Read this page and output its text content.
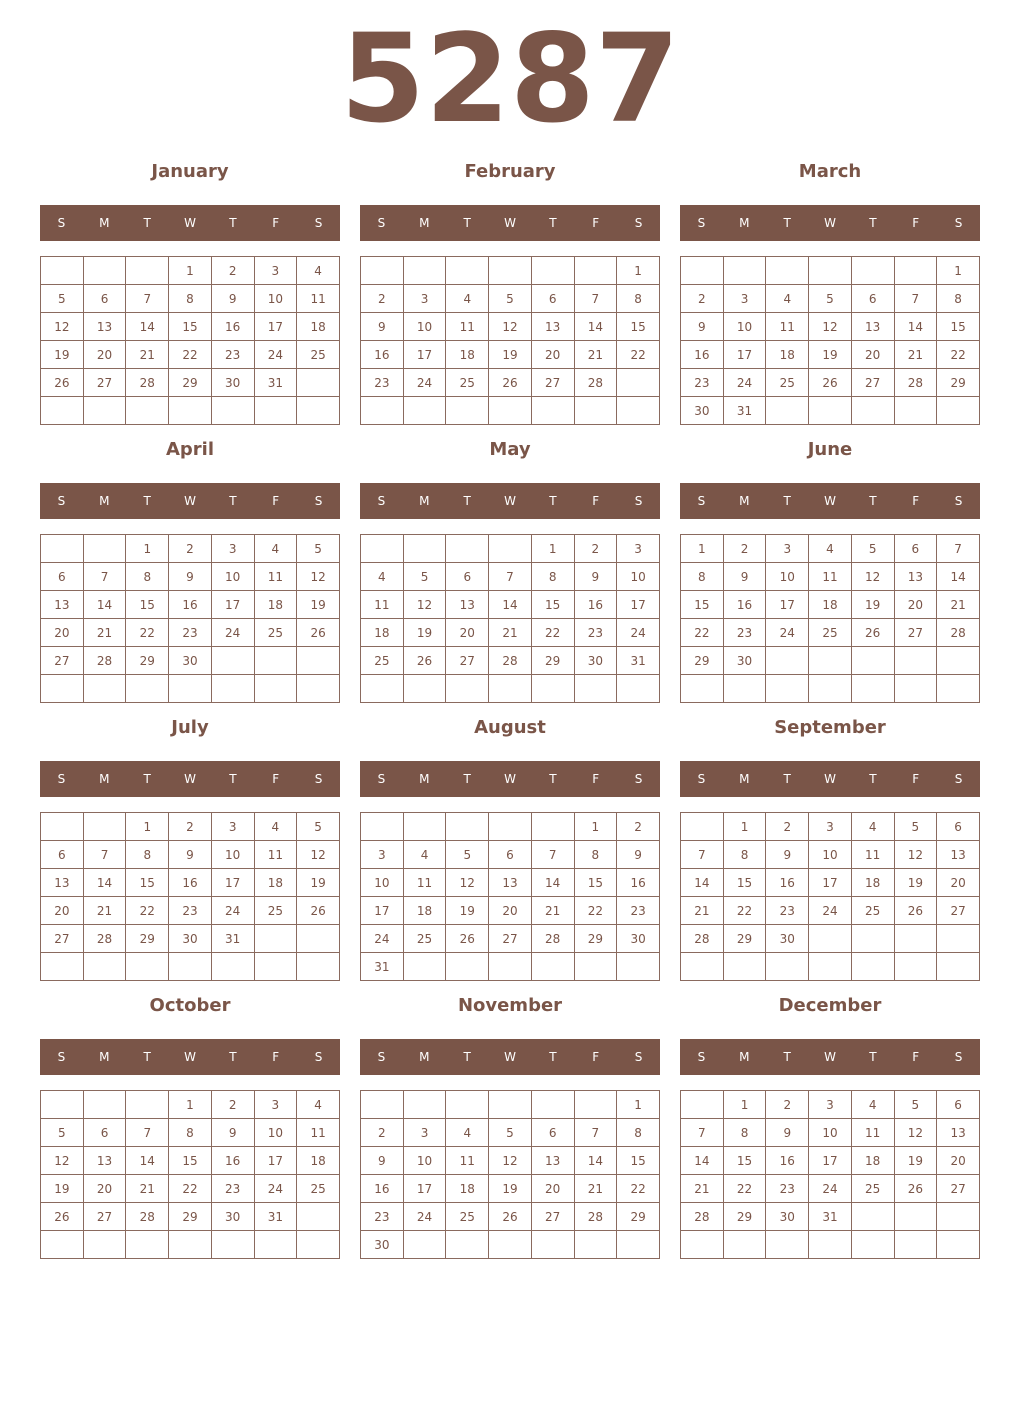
5287
January
S	M	T	W	T	F	S
			1	2	3	4
5	6	7	8	9	10	11
12	13	14	15	16	17	18
19	20	21	22	23	24	25
26	27	28	29	30	31	

February
S	M	T	W	T	F	S
						1
2	3	4	5	6	7	8
9	10	11	12	13	14	15
16	17	18	19	20	21	22
23	24	25	26	27	28	

March
S	M	T	W	T	F	S
						1
2	3	4	5	6	7	8
9	10	11	12	13	14	15
16	17	18	19	20	21	22
23	24	25	26	27	28	29
30	31					
April
S	M	T	W	T	F	S
		1	2	3	4	5
6	7	8	9	10	11	12
13	14	15	16	17	18	19
20	21	22	23	24	25	26
27	28	29	30			

May
S	M	T	W	T	F	S
				1	2	3
4	5	6	7	8	9	10
11	12	13	14	15	16	17
18	19	20	21	22	23	24
25	26	27	28	29	30	31

June
S	M	T	W	T	F	S
1	2	3	4	5	6	7
8	9	10	11	12	13	14
15	16	17	18	19	20	21
22	23	24	25	26	27	28
29	30					

July
S	M	T	W	T	F	S
		1	2	3	4	5
6	7	8	9	10	11	12
13	14	15	16	17	18	19
20	21	22	23	24	25	26
27	28	29	30	31		

August
S	M	T	W	T	F	S
					1	2
3	4	5	6	7	8	9
10	11	12	13	14	15	16
17	18	19	20	21	22	23
24	25	26	27	28	29	30
31						
September
S	M	T	W	T	F	S
	1	2	3	4	5	6
7	8	9	10	11	12	13
14	15	16	17	18	19	20
21	22	23	24	25	26	27
28	29	30				

October
S	M	T	W	T	F	S
			1	2	3	4
5	6	7	8	9	10	11
12	13	14	15	16	17	18
19	20	21	22	23	24	25
26	27	28	29	30	31	

November
S	M	T	W	T	F	S
						1
2	3	4	5	6	7	8
9	10	11	12	13	14	15
16	17	18	19	20	21	22
23	24	25	26	27	28	29
30						
December
S	M	T	W	T	F	S
	1	2	3	4	5	6
7	8	9	10	11	12	13
14	15	16	17	18	19	20
21	22	23	24	25	26	27
28	29	30	31			
